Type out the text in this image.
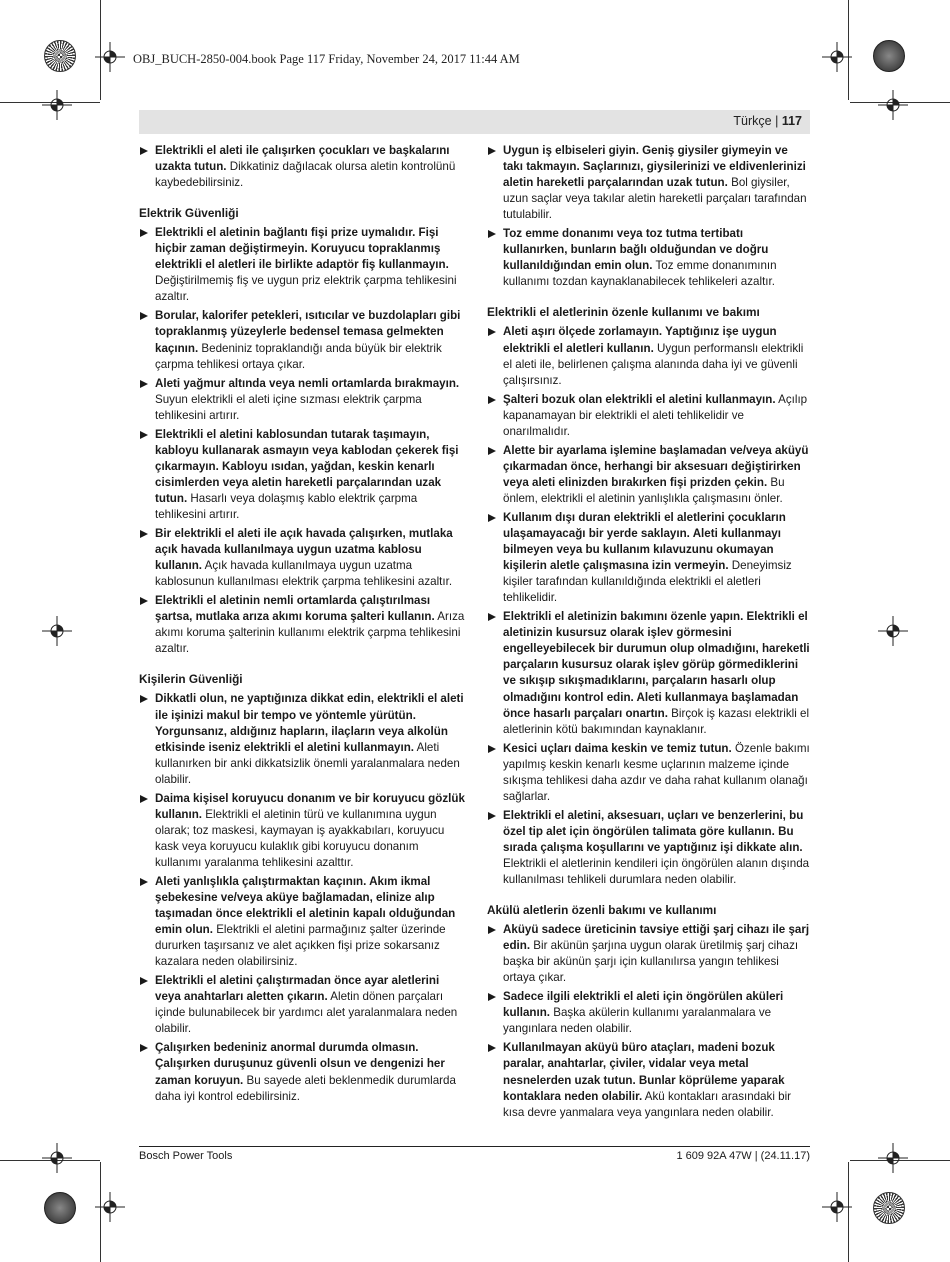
OBJ_BUCH-2850-004.book Page 117 Friday, November 24, 2017 11:44 AM
Türkçe | 117
Elektrikli el aleti ile çalışırken çocukları ve başkalarını uzakta tutun. Dikkatiniz dağılacak olursa aletin kontrolünü kaybedebilirsiniz.
Elektrik Güvenliği
Elektrikli el aletinin bağlantı fişi prize uymalıdır. Fişi hiçbir zaman değiştirmeyin. Koruyucu topraklanmış elektrikli el aletleri ile birlikte adaptör fiş kullanmayın. Değiştirilmemiş fiş ve uygun priz elektrik çarpma tehlikesini azaltır.
Borular, kalorifer petekleri, ısıtıcılar ve buzdolapları gibi topraklanmış yüzeylerle bedensel temasa gelmekten kaçının. Bedeniniz topraklandığı anda büyük bir elektrik çarpma tehlikesi ortaya çıkar.
Aleti yağmur altında veya nemli ortamlarda bırakmayın. Suyun elektrikli el aleti içine sızması elektrik çarpma tehlikesini artırır.
Elektrikli el aletini kablosundan tutarak taşımayın, kabloyu kullanarak asmayın veya kablodan çekerek fişi çıkarmayın. Kabloyu ısıdan, yağdan, keskin kenarlı cisimlerden veya aletin hareketli parçalarından uzak tutun. Hasarlı veya dolaşmış kablo elektrik çarpma tehlikesini artırır.
Bir elektrikli el aleti ile açık havada çalışırken, mutlaka açık havada kullanılmaya uygun uzatma kablosu kullanın. Açık havada kullanılmaya uygun uzatma kablosunun kullanılması elektrik çarpma tehlikesini azaltır.
Elektrikli el aletinin nemli ortamlarda çalıştırılması şartsa, mutlaka arıza akımı koruma şalteri kullanın. Arıza akımı koruma şalterinin kullanımı elektrik çarpma tehlikesini azaltır.
Kişilerin Güvenliği
Dikkatli olun, ne yaptığınıza dikkat edin, elektrikli el aleti ile işinizi makul bir tempo ve yöntemle yürütün. Yorgunsanız, aldığınız hapların, ilaçların veya alkolün etkisinde iseniz elektrikli el aletini kullanmayın. Aleti kullanırken bir anki dikkatsizlik önemli yaralanmalara neden olabilir.
Daima kişisel koruyucu donanım ve bir koruyucu gözlük kullanın. Elektrikli el aletinin türü ve kullanımına uygun olarak; toz maskesi, kaymayan iş ayakkabıları, koruyucu kask veya koruyucu kulaklık gibi koruyucu donanım kullanımı yaralanma tehlikesini azalttır.
Aleti yanlışlıkla çalıştırmaktan kaçının. Akım ikmal şebekesine ve/veya aküye bağlamadan, elinize alıp taşımadan önce elektrikli el aletinin kapalı olduğundan emin olun. Elektrikli el aletini parmağınız şalter üzerinde dururken taşırsanız ve alet açıkken fişi prize sokarsanız kazalara neden olabilirsiniz.
Elektrikli el aletini çalıştırmadan önce ayar aletlerini veya anahtarları aletten çıkarın. Aletin dönen parçaları içinde bulunabilecek bir yardımcı alet yaralanmalara neden olabilir.
Çalışırken bedeniniz anormal durumda olmasın. Çalışırken duruşunuz güvenli olsun ve dengenizi her zaman koruyun. Bu sayede aleti beklenmedik durumlarda daha iyi kontrol edebilirsiniz.
Uygun iş elbiseleri giyin. Geniş giysiler giymeyin ve takı takmayın. Saçlarınızı, giysilerinizi ve eldivenlerinizi aletin hareketli parçalarından uzak tutun. Bol giysiler, uzun saçlar veya takılar aletin hareketli parçaları tarafından tutulabilir.
Toz emme donanımı veya toz tutma tertibatı kullanırken, bunların bağlı olduğundan ve doğru kullanıldığından emin olun. Toz emme donanımının kullanımı tozdan kaynaklanabilecek tehlikeleri azaltır.
Elektrikli el aletlerinin özenle kullanımı ve bakımı
Aleti aşırı ölçede zorlamayın. Yaptığınız işe uygun elektrikli el aletleri kullanın. Uygun performanslı elektrikli el aleti ile, belirlenen çalışma alanında daha iyi ve güvenli çalışırsınız.
Şalteri bozuk olan elektrikli el aletini kullanmayın. Açılıp kapanamayan bir elektrikli el aleti tehlikelidir ve onarılmalıdır.
Alette bir ayarlama işlemine başlamadan ve/veya aküyü çıkarmadan önce, herhangi bir aksesuarı değiştirirken veya aleti elinizden bırakırken fişi prizden çekin. Bu önlem, elektrikli el aletinin yanlışlıkla çalışmasını önler.
Kullanım dışı duran elektrikli el aletlerini çocukların ulaşamayacağı bir yerde saklayın. Aleti kullanmayı bilmeyen veya bu kullanım kılavuzunu okumayan kişilerin aletle çalışmasına izin vermeyin. Deneyimsiz kişiler tarafından kullanıldığında elektrikli el aletleri tehlikelidir.
Elektrikli el aletinizin bakımını özenle yapın. Elektrikli el aletinizin kusursuz olarak işlev görmesini engelleyebilecek bir durumun olup olmadığını, hareketli parçaların kusursuz olarak işlev görüp görmediklerini ve sıkışıp sıkışmadıklarını, parçaların hasarlı olup olmadığını kontrol edin. Aleti kullanmaya başlamadan önce hasarlı parçaları onartın. Birçok iş kazası elektrikli el aletlerinin kötü bakımından kaynaklanır.
Kesici uçları daima keskin ve temiz tutun. Özenle bakımı yapılmış keskin kenarlı kesme uçlarının malzeme içinde sıkışma tehlikesi daha azdır ve daha rahat kullanım olanağı sağlarlar.
Elektrikli el aletini, aksesuarı, uçları ve benzerlerini, bu özel tip alet için öngörülen talimata göre kullanın. Bu sırada çalışma koşullarını ve yaptığınız işi dikkate alın. Elektrikli el aletlerinin kendileri için öngörülen alanın dışında kullanılması tehlikeli durumlara neden olabilir.
Akülü aletlerin özenli bakımı ve kullanımı
Aküyü sadece üreticinin tavsiye ettiği şarj cihazı ile şarj edin. Bir akünün şarjına uygun olarak üretilmiş şarj cihazı başka bir akünün şarjı için kullanılırsa yangın tehlikesi ortaya çıkar.
Sadece ilgili elektrikli el aleti için öngörülen aküleri kullanın. Başka akülerin kullanımı yaralanmalara ve yangınlara neden olabilir.
Kullanılmayan aküyü büro ataçları, madeni bozuk paralar, anahtarlar, çiviler, vidalar veya metal nesnelerden uzak tutun. Bunlar köprüleme yaparak kontaklara neden olabilir. Akü kontakları arasındaki bir kısa devre yanmalara veya yangınlara neden olabilir.
Bosch Power Tools	1 609 92A 47W | (24.11.17)
